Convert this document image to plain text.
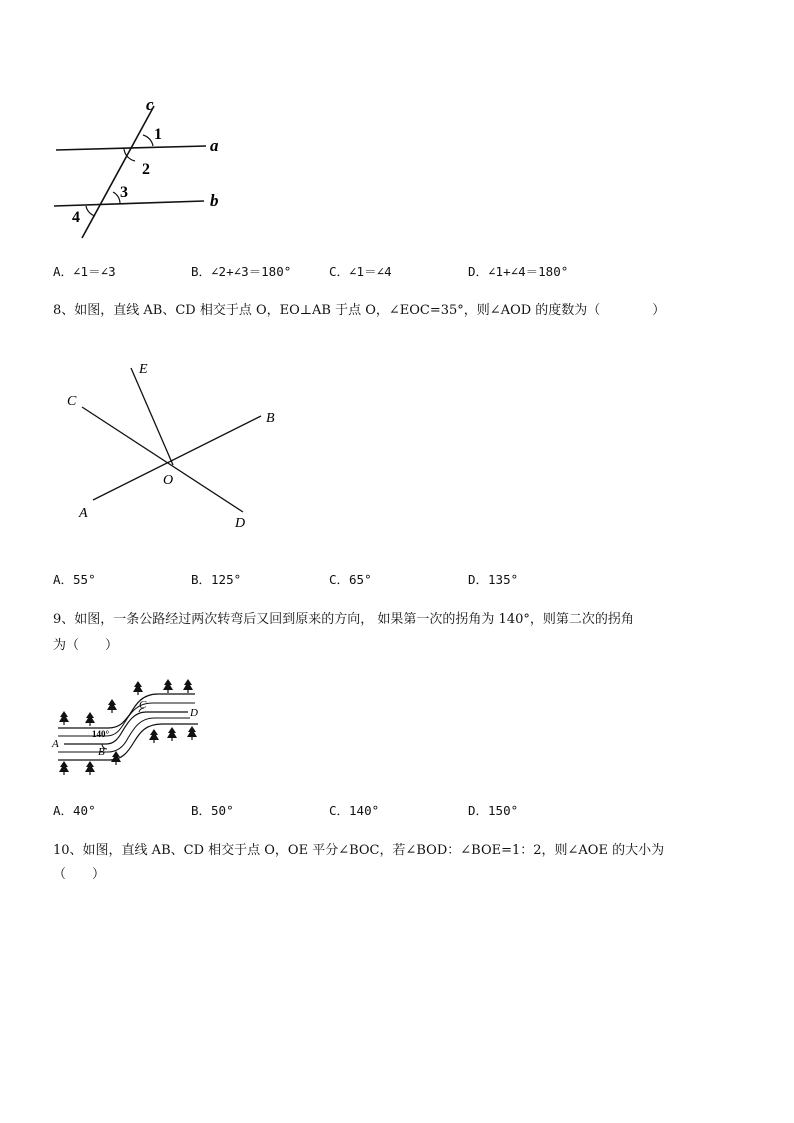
c
a
b
1
2
3
4
A．∠1＝∠3	B．∠2+∠3＝180°	C．∠1＝∠4	D．∠1+∠4＝180°
8、如图，直线 AB、CD 相交于点 O，EO⊥AB 于点 O，∠EOC=35°，则∠AOD 的度数为（　　　　）
E
C
B
O
A
D
A．55°	B．125°	C．65°	D．135°
9、如图，一条公路经过两次转弯后又回到原来的方向， 如果第一次的拐角为 140°，则第二次的拐角
为（　　）
C
D
A
B
140°
A．40°	B．50°	C．140°	D．150°
10、如图，直线 AB、CD 相交于点 O，OE 平分∠BOC，若∠BOD：∠BOE=1：2，则∠AOE 的大小为
（　　）
